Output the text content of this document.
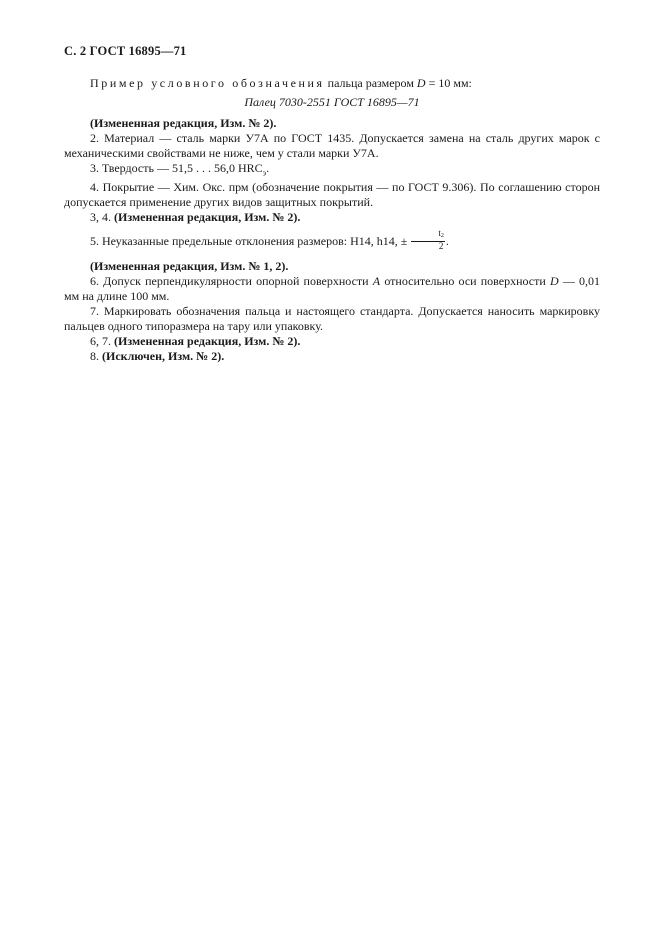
С. 2 ГОСТ 16895—71

Пример условного обозначения пальца размером D = 10 мм:

Палец 7030-2551 ГОСТ 16895—71

(Измененная редакция, Изм. № 2).

2. Материал — сталь марки У7А по ГОСТ 1435. Допускается замена на сталь других марок с механическими свойствами не ниже, чем у стали марки У7А.

3. Твердость — 51,5 . . . 56,0 $HRC_э$.

4. Покрытие — Хим. Окс. прм (обозначение покрытия — по ГОСТ 9.306). По соглашению сторон допускается применение других видов защитных покрытий.

3, 4. (Измененная редакция, Изм. № 2).

5. Неуказанные предельные отклонения размеров: H14, h14, ± $\frac{t_2}{2}$ .

(Измененная редакция, Изм. № 1, 2).

6. Допуск перпендикулярности опорной поверхности А относительно оси поверхности D — 0,01 мм на длине 100 мм.

7. Маркировать обозначения пальца и настоящего стандарта. Допускается наносить маркировку пальцев одного типоразмера на тару или упаковку.

6, 7. (Измененная редакция, Изм. № 2).

8. (Исключен, Изм. № 2).
